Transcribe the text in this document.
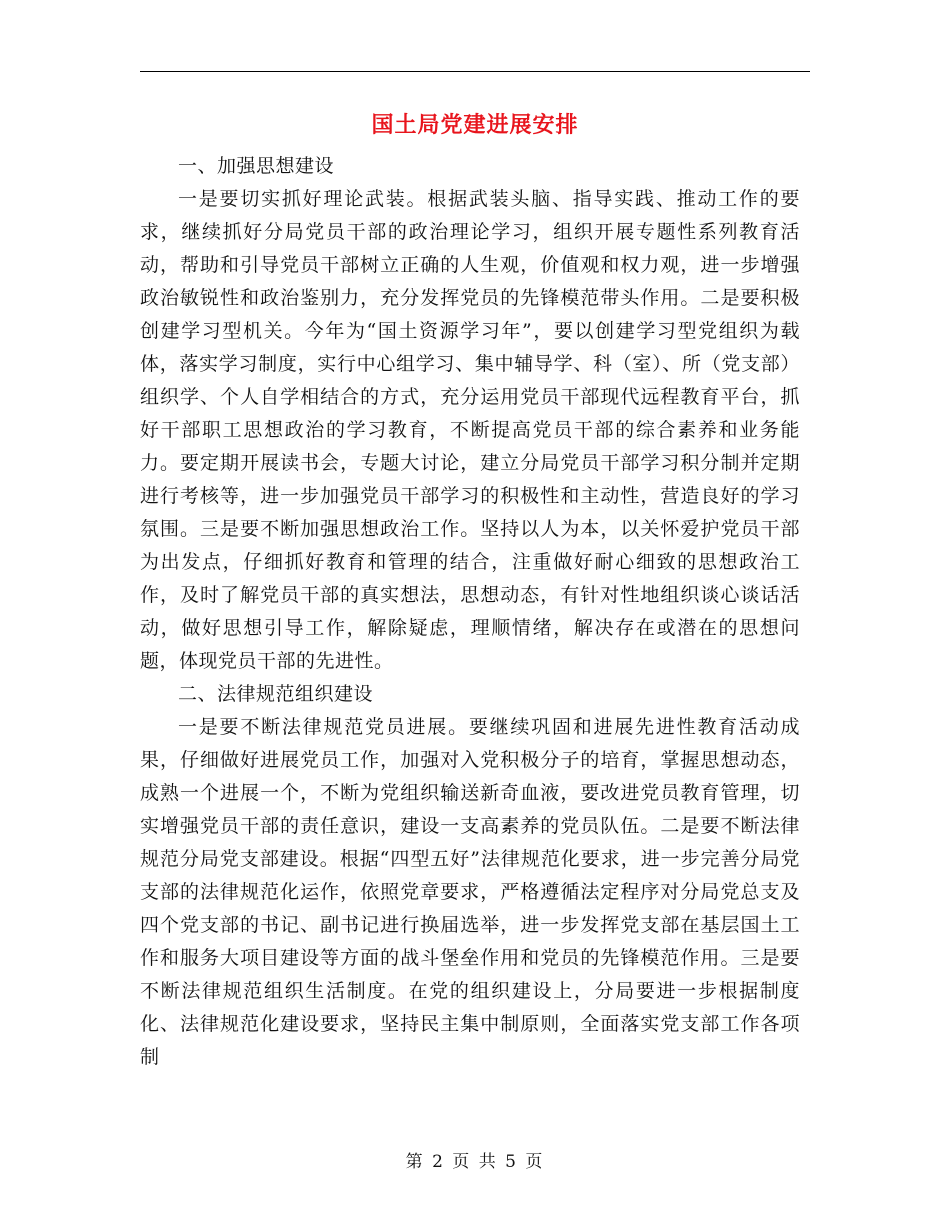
国土局党建进展安排

一、加强思想建设

一是要切实抓好理论武装。根据武装头脑、指导实践、推动工作的要求，继续抓好分局党员干部的政治理论学习，组织开展专题性系列教育活动，帮助和引导党员干部树立正确的人生观，价值观和权力观，进一步增强政治敏锐性和政治鉴别力，充分发挥党员的先锋模范带头作用。二是要积极创建学习型机关。今年为“国土资源学习年”，要以创建学习型党组织为载体，落实学习制度，实行中心组学习、集中辅导学、科（室）、所（党支部）组织学、个人自学相结合的方式，充分运用党员干部现代远程教育平台，抓好干部职工思想政治的学习教育，不断提高党员干部的综合素养和业务能力。要定期开展读书会，专题大讨论，建立分局党员干部学习积分制并定期进行考核等，进一步加强党员干部学习的积极性和主动性，营造良好的学习氛围。三是要不断加强思想政治工作。坚持以人为本，以关怀爱护党员干部为出发点，仔细抓好教育和管理的结合，注重做好耐心细致的思想政治工作，及时了解党员干部的真实想法，思想动态，有针对性地组织谈心谈话活动，做好思想引导工作，解除疑虑，理顺情绪，解决存在或潜在的思想问题，体现党员干部的先进性。

二、法律规范组织建设

一是要不断法律规范党员进展。要继续巩固和进展先进性教育活动成果，仔细做好进展党员工作，加强对入党积极分子的培育，掌握思想动态，成熟一个进展一个，不断为党组织输送新奇血液，要改进党员教育管理，切实增强党员干部的责任意识，建设一支高素养的党员队伍。二是要不断法律规范分局党支部建设。根据“四型五好”法律规范化要求，进一步完善分局党支部的法律规范化运作，依照党章要求，严格遵循法定程序对分局党总支及四个党支部的书记、副书记进行换届选举，进一步发挥党支部在基层国土工作和服务大项目建设等方面的战斗堡垒作用和党员的先锋模范作用。三是要不断法律规范组织生活制度。在党的组织建设上，分局要进一步根据制度化、法律规范化建设要求，坚持民主集中制原则，全面落实党支部工作各项制

第 2 页 共 5 页
